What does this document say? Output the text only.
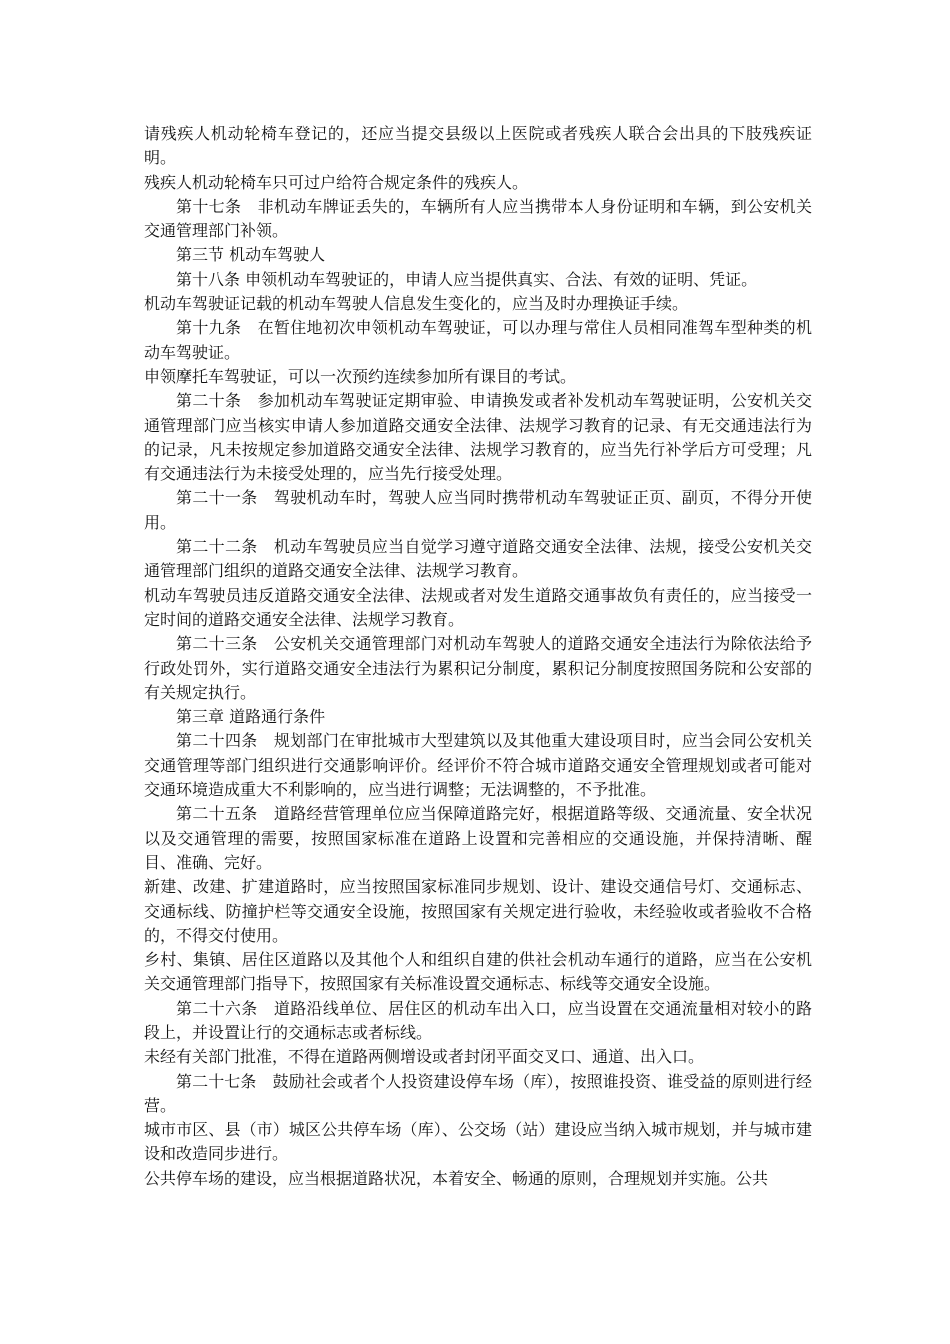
请残疾人机动轮椅车登记的，还应当提交县级以上医院或者残疾人联合会出具的下肢残疾证明。

残疾人机动轮椅车只可过户给符合规定条件的残疾人。

第十七条　非机动车牌证丢失的，车辆所有人应当携带本人身份证明和车辆，到公安机关交通管理部门补领。

第三节 机动车驾驶人

第十八条 申领机动车驾驶证的，申请人应当提供真实、合法、有效的证明、凭证。

机动车驾驶证记载的机动车驾驶人信息发生变化的，应当及时办理换证手续。

第十九条　在暂住地初次申领机动车驾驶证，可以办理与常住人员相同准驾车型种类的机动车驾驶证。

申领摩托车驾驶证，可以一次预约连续参加所有课目的考试。

第二十条　参加机动车驾驶证定期审验、申请换发或者补发机动车驾驶证明，公安机关交通管理部门应当核实申请人参加道路交通安全法律、法规学习教育的记录、有无交通违法行为的记录，凡未按规定参加道路交通安全法律、法规学习教育的，应当先行补学后方可受理；凡有交通违法行为未接受处理的，应当先行接受处理。

第二十一条　驾驶机动车时，驾驶人应当同时携带机动车驾驶证正页、副页，不得分开使用。

第二十二条　机动车驾驶员应当自觉学习遵守道路交通安全法律、法规，接受公安机关交通管理部门组织的道路交通安全法律、法规学习教育。

机动车驾驶员违反道路交通安全法律、法规或者对发生道路交通事故负有责任的，应当接受一定时间的道路交通安全法律、法规学习教育。

第二十三条　公安机关交通管理部门对机动车驾驶人的道路交通安全违法行为除依法给予行政处罚外，实行道路交通安全违法行为累积记分制度，累积记分制度按照国务院和公安部的有关规定执行。

第三章 道路通行条件

第二十四条　规划部门在审批城市大型建筑以及其他重大建设项目时，应当会同公安机关交通管理等部门组织进行交通影响评价。经评价不符合城市道路交通安全管理规划或者可能对交通环境造成重大不利影响的，应当进行调整；无法调整的，不予批准。

第二十五条　道路经营管理单位应当保障道路完好，根据道路等级、交通流量、安全状况以及交通管理的需要，按照国家标准在道路上设置和完善相应的交通设施，并保持清晰、醒目、准确、完好。

新建、改建、扩建道路时，应当按照国家标准同步规划、设计、建设交通信号灯、交通标志、交通标线、防撞护栏等交通安全设施，按照国家有关规定进行验收，未经验收或者验收不合格的，不得交付使用。

乡村、集镇、居住区道路以及其他个人和组织自建的供社会机动车通行的道路，应当在公安机关交通管理部门指导下，按照国家有关标准设置交通标志、标线等交通安全设施。

第二十六条　道路沿线单位、居住区的机动车出入口，应当设置在交通流量相对较小的路段上，并设置让行的交通标志或者标线。

未经有关部门批准，不得在道路两侧增设或者封闭平面交叉口、通道、出入口。

第二十七条　鼓励社会或者个人投资建设停车场（库），按照谁投资、谁受益的原则进行经营。

城市市区、县（市）城区公共停车场（库）、公交场（站）建设应当纳入城市规划，并与城市建设和改造同步进行。

公共停车场的建设，应当根据道路状况，本着安全、畅通的原则，合理规划并实施。公共
